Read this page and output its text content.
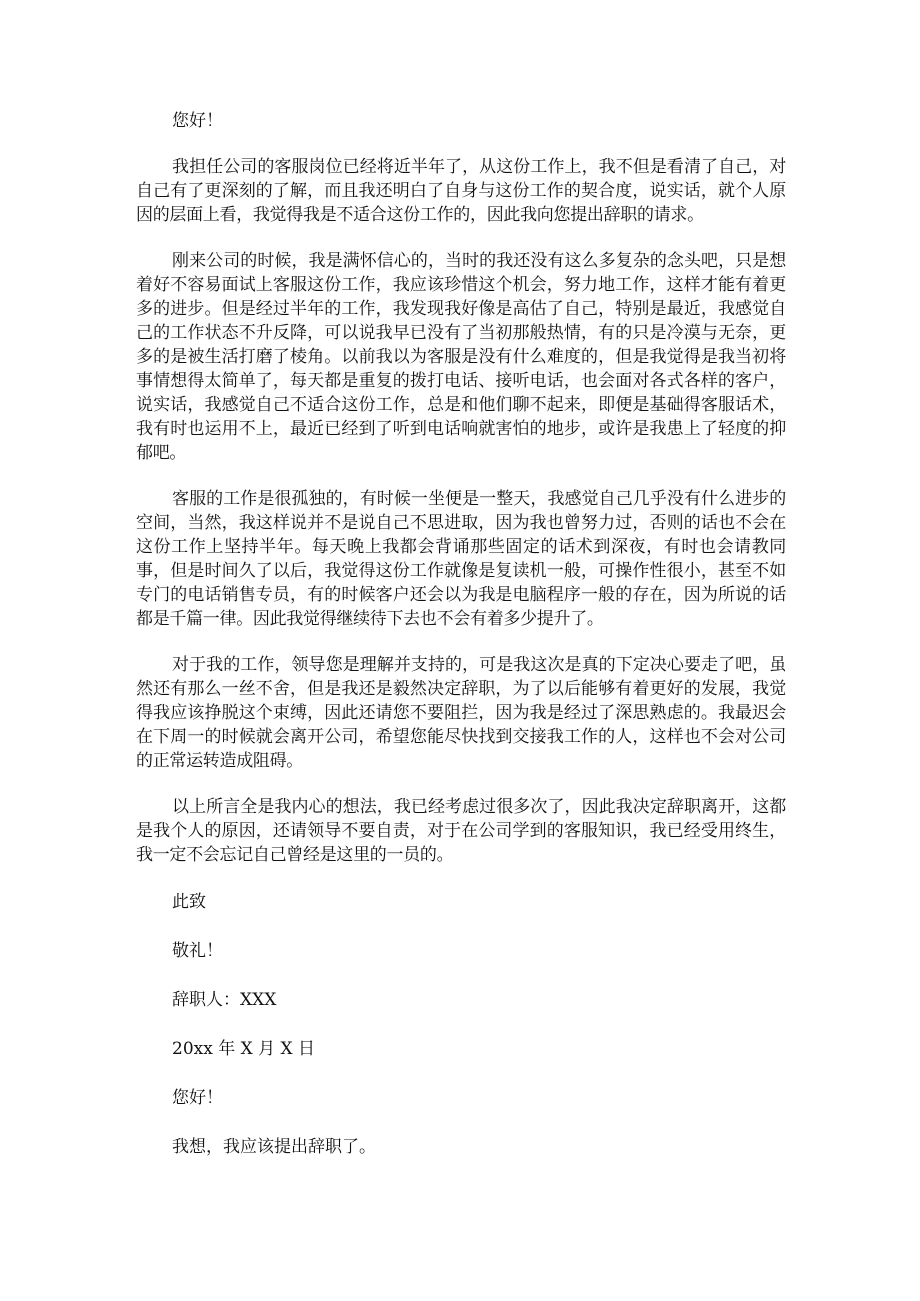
您好！

我担任公司的客服岗位已经将近半年了，从这份工作上，我不但是看清了自己，对自己有了更深刻的了解，而且我还明白了自身与这份工作的契合度，说实话，就个人原因的层面上看，我觉得我是不适合这份工作的，因此我向您提出辞职的请求。

刚来公司的时候，我是满怀信心的，当时的我还没有这么多复杂的念头吧，只是想着好不容易面试上客服这份工作，我应该珍惜这个机会，努力地工作，这样才能有着更多的进步。但是经过半年的工作，我发现我好像是高估了自己，特别是最近，我感觉自己的工作状态不升反降，可以说我早已没有了当初那般热情，有的只是冷漠与无奈，更多的是被生活打磨了棱角。以前我以为客服是没有什么难度的，但是我觉得是我当初将事情想得太简单了，每天都是重复的拨打电话、接听电话，也会面对各式各样的客户，说实话，我感觉自己不适合这份工作，总是和他们聊不起来，即便是基础得客服话术，我有时也运用不上，最近已经到了听到电话响就害怕的地步，或许是我患上了轻度的抑郁吧。

客服的工作是很孤独的，有时候一坐便是一整天，我感觉自己几乎没有什么进步的空间，当然，我这样说并不是说自己不思进取，因为我也曾努力过，否则的话也不会在这份工作上坚持半年。每天晚上我都会背诵那些固定的话术到深夜，有时也会请教同事，但是时间久了以后，我觉得这份工作就像是复读机一般，可操作性很小，甚至不如专门的电话销售专员，有的时候客户还会以为我是电脑程序一般的存在，因为所说的话都是千篇一律。因此我觉得继续待下去也不会有着多少提升了。

对于我的工作，领导您是理解并支持的，可是我这次是真的下定决心要走了吧，虽然还有那么一丝不舍，但是我还是毅然决定辞职，为了以后能够有着更好的发展，我觉得我应该挣脱这个束缚，因此还请您不要阻拦，因为我是经过了深思熟虑的。我最迟会在下周一的时候就会离开公司，希望您能尽快找到交接我工作的人，这样也不会对公司的正常运转造成阻碍。

以上所言全是我内心的想法，我已经考虑过很多次了，因此我决定辞职离开，这都是我个人的原因，还请领导不要自责，对于在公司学到的客服知识，我已经受用终生，我一定不会忘记自己曾经是这里的一员的。

此致
敬礼！
辞职人：XXX
20xx 年 X 月 X 日
您好！
我想，我应该提出辞职了。
